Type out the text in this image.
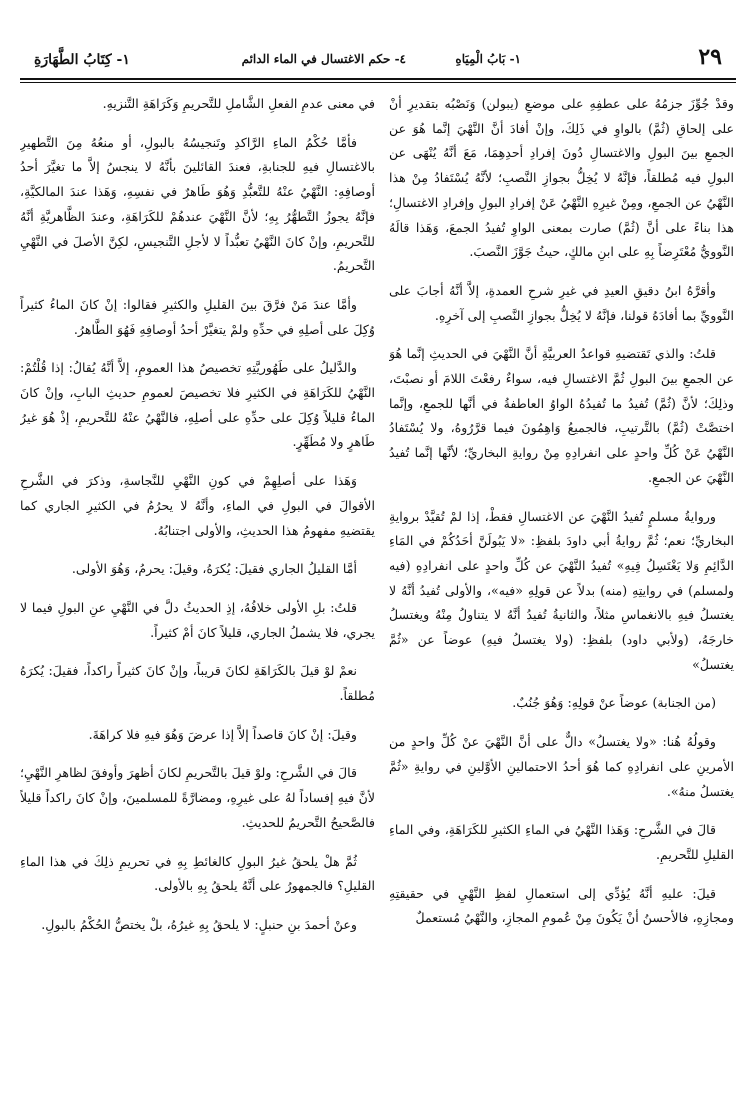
٢٩
١- بَابُ الْمِيَاهِ
٤- حكم الاغتسال في الماء الدائم
١- كِتَابُ الطَّهَارَةِ

وقدْ جُوِّزَ جزمُهُ على عطفِهِ على موضعِ (يبولن) وَنَصْبُه بتقديرِ أنْ على إلحاقِ (ثُمَّ) بالواوِ في ذَلِكَ، وإنْ أفادَ أنَّ النَّهْيَ إنَّما هُوَ عن الجمعِ بينَ البولِ والاغتسالِ دُونَ إفرادِ أحدِهِمَا، مَعَ أنَّهُ يُنْهَى عن البولِ فيه مُطلقاً، فإنَّهُ لا يُخِلُّ بجوازِ النَّصبِ؛ لأنَّهُ يُسْتَفادُ مِنْ هذا النَّهْيُ عن الجمعِ، ومِنْ غيرِهِ النَّهْيُ عَنْ إفرادِ البولِ وإفرادِ الاغتسالِ؛ هذا بناءً على أنَّ (ثُمَّ) صارت بمعنى الواوِ تُفيدُ الجمعَ، وَهَذا قالَهُ النَّوويُّ مُعْتَرِضاً بِهِ على ابنِ مالكٍ، حيثُ جَوَّزَ النَّصبَ.

وأقرَّهُ ابنُ دقيقِ العيدِ في غيرِ شرحِ العمدةِ، إلاَّ أنَّهُ أجابَ على النَّوويِّ بما أفادَهُ قولنا، فإنَّهُ لا يُخِلُّ بجوازِ النَّصبِ إلى آخرِهِ.

قلتُ: والذي تَقتضيهِ قواعدُ العربيَّةِ أنَّ النَّهْيَ في الحديثِ إنَّما هُوَ عن الجمعِ بينَ البولِ ثُمَّ الاغتسالِ فيه، سواءٌ رفعْتَ اللامَ أو نصبْتَ، وذلِكَ؛ لأنَّ (ثُمَّ) تُفيدُ ما تُفيدُهُ الواوُ العاطفةُ في أنَّها للجمعِ، وإنَّما اختصَّتْ (ثُمَّ) بالتَّرتيبِ، فالجميعُ وَاهِمُونَ فيما قرَّرُوهُ، ولا يُسْتَفادُ النَّهْيُ عَنْ كُلِّ واحدٍ على انفرادِهِ مِنْ روايةِ البخاريِّ؛ لأنَّها إنَّما تُفيدُ النَّهْيَ عن الجمعِ.

وروايةُ مسلمٍ تُفيدُ النَّهْيَ عن الاغتسالِ فقطْ، إذا لمْ تُقيَّدْ بروايةِ البخاريِّ؛ نعم؛ ثُمَّ روايةُ أبي داودَ بلفظِ: «لا يَبُولَنَّ أحَدُكُمْ في المَاءِ الدَّائِمِ وَلا يَغْتَسِلُ فِيهِ» تُفيدُ النَّهْيَ عن كُلِّ واحدٍ على انفرادِهِ (فيه ولمسلم) في روايتِهِ (منه) بدلاً عن قولِهِ «فيه»، والأولى تُفيدُ أنَّهُ لا يغتسلُ فيهِ بالانغماسِ مثلاً، والثانيةُ تُفيدُ أنَّهُ لا يتناولُ مِنْهُ ويغتسلُ خارجَهُ، (ولأبي داود) بلفظِ: (ولا يغتسلُ فيهِ) عوضاً عن «ثُمَّ يغتسلُ»

(من الجنابة) عوضاً عنْ قولِهِ: وَهُوَ جُنُبٌ.

وقولُهُ هُنا: «ولا يغتسلُ» دالٌّ على أنَّ النَّهْيَ عنْ كُلِّ واحدٍ من الأمرينِ على انفرادِهِ كما هُوَ أحدُ الاحتمالينِ الأوَّلينِ في روايةِ «ثُمَّ يغتسلُ منهُ».

قالَ في الشَّرحِ: وَهَذا النَّهْيُ في الماءِ الكثيرِ للكَرَاهَةِ، وفي الماءِ القليلِ للتَّحريمِ.

قيلَ: عليهِ أنَّهُ يُؤدِّي إلى استعمالِ لفظِ النَّهْيِ في حقيقتِهِ ومجازِهِ، فالأحسنُ أنْ يَكُونَ مِنْ عُمومِ المجازِ، والنَّهْيُ مُستعملٌ

في معنى عدمِ الفعلِ الشَّاملِ للتَّحريمِ وَكَرَاهَةِ التَّنزيهِ.

فأمَّا حُكْمُ الماءِ الرَّاكدِ وتَنجيسُهُ بالبولِ، أو منعُهُ مِنَ التَّطهيرِ بالاغتسالِ فيهِ للجنابةِ، فعندَ القائلينَ بأنَّهُ لا ينجسُ إلاَّ ما تغيَّرَ أحدُ أوصافِهِ: النَّهْيُ عنْهُ للتَّعبُّدِ وَهُوَ طَاهرٌ في نفسِهِ، وَهَذا عندَ المالكيَّةِ، فإنَّهُ يجوزُ التَّطهُّرُ بِهِ؛ لأنَّ النَّهْيَ عندهُمْ للكَرَاهَةِ، وعندَ الظَّاهريَّةِ أنَّهُ للتَّحريمِ، وإنْ كانَ النَّهْيُ تعبُّداً لا لأجلِ التَّنجيسِ، لكِنَّ الأصلَ في النَّهْيِ التَّحريمُ.

وأمَّا عندَ مَنْ فرَّقَ بينَ القليلِ والكثيرِ فقالوا: إنْ كانَ الماءُ كثيراً وُكِلَ على أصلِهِ في حدِّهِ ولمْ يتغيَّرْ أحدُ أوصافِهِ فَهُوَ الطَّاهرُ.

والدَّليلُ على طَهُوريَّتِهِ تخصيصُ هذا العمومِ، إلاَّ أنَّهُ يُقالُ: إذا قُلْتُمْ: النَّهْيُ للكَرَاهَةِ في الكثيرِ فلا تخصيصَ لعمومِ حديثِ البابِ، وإنْ كانَ الماءُ قليلاً وُكِلَ على حدِّهِ على أصلِهِ، فالنَّهْيُ عنْهُ للتَّحريمِ، إذْ هُوَ غيرُ طَاهرٍ ولا مُطَهِّرٍ.

وَهَذا على أصلِهِمْ في كونِ النَّهْيِ للنَّجاسةِ، وذكرَ في الشَّرحِ الأقوالَ في البولِ في الماءِ، وأنَّهُ لا يحرُمُ في الكثيرِ الجاري كما يقتضيهِ مفهومُ هذا الحديثِ، والأولى اجتنابُهُ.

أمَّا القليلُ الجاري فقيلَ: يُكرَهُ، وقيلَ: يحرمُ، وَهُوَ الأولى.

قلتُ: بلِ الأولى خلافُهُ، إذِ الحديثُ دلَّ في النَّهْيِ عنِ البولِ فيما لا يجري، فلا يشملُ الجاري، قليلاً كانَ أمْ كثيراً.

نعمْ لوْ قيلَ بالكَرَاهَةِ لكانَ قريباً، وإنْ كانَ كثيراً راكداً، فقيلَ: يُكرَهُ مُطلقاً.

وقيلَ: إنْ كانَ قاصداً إلاَّ إذا عرضَ وَهُوَ فيهِ فلا كراهَةَ.

قالَ في الشَّرحِ: ولوْ قيلَ بالتَّحريمِ لكانَ أظهرَ وأوفقَ لظاهرِ النَّهْيِ؛ لأنَّ فيهِ إفساداً لهُ على غيرِهِ، ومضارَّةً للمسلمينَ، وإنْ كانَ راكداً قليلاً فالصَّحيحُ التَّحريمُ للحديثِ.

ثُمَّ هلْ يلحقُ غيرُ البولِ كالغائطِ بِهِ في تحريمِ ذلِكَ في هذا الماءِ القليلِ؟ فالجمهورُ على أنَّهُ يلحقُ بِهِ بالأولى.

وعنْ أحمدَ بنِ حنبلٍ: لا يلحقُ بِهِ غيرُهُ، بلْ يختصُّ الحُكْمُ بالبولِ.
